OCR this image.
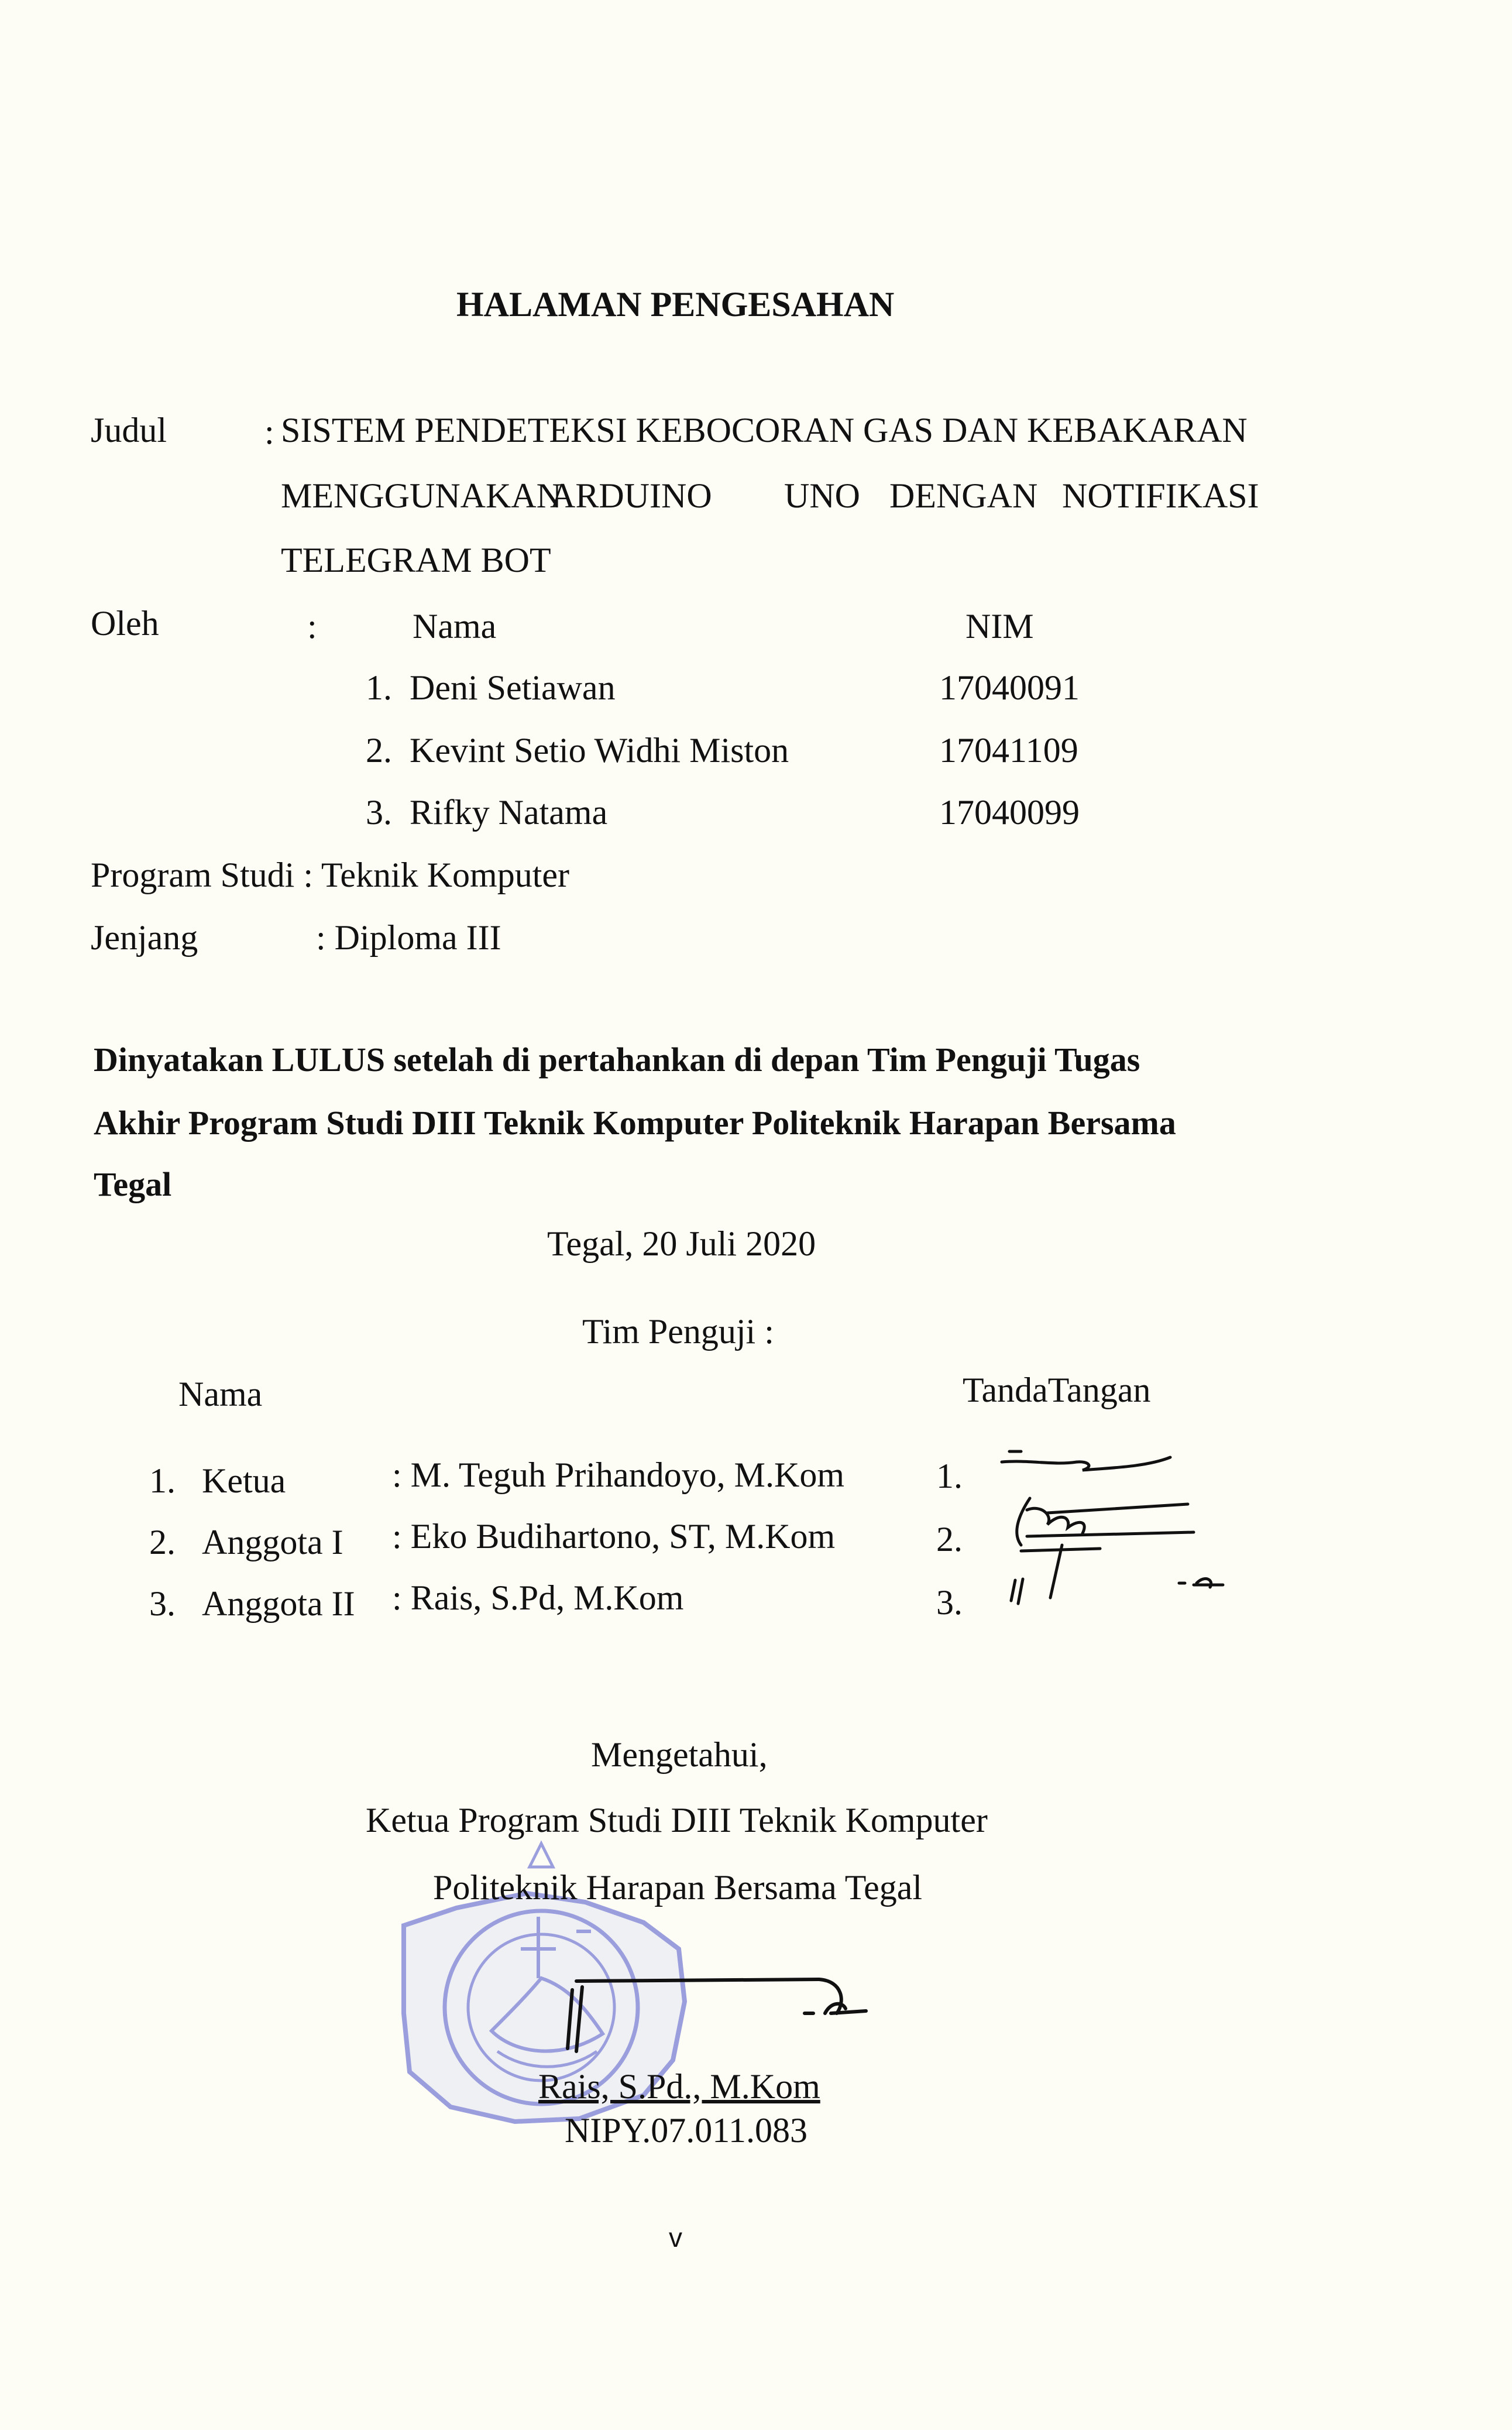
HALAMAN PENGESAHAN
Judul	: SISTEM PENDETEKSI KEBOCORAN GAS DAN KEBAKARAN
MENGGUNAKAN
ARDUINO UNO DENGAN NOTIFIKASI
TELEGRAM BOT
Oleh	:	Nama	NIM
1. Deni Setiawan	17040091
2. Kevint Setio Widhi Miston	17041109
3. Rifky Natama	17040099
Program Studi : Teknik Komputer
Jenjang	: Diploma III
Dinyatakan LULUS setelah di pertahankan di depan Tim Penguji Tugas
Akhir Program Studi DIII Teknik Komputer Politeknik Harapan Bersama
Tegal
Tegal, 20 Juli 2020
Tim Penguji :
Nama	TandaTangan
1. Ketua	: M. Teguh Prihandoyo, M.Kom	1.
2. Anggota I : Eko Budihartono, ST, M.Kom	2.
3. Anggota II : Rais, S.Pd, M.Kom	3.
Mengetahui,
Ketua Program Studi DIII Teknik Komputer
Politeknik Harapan Bersama Tegal
Rais, S.Pd., M.Kom
NIPY.07.011.083
v
